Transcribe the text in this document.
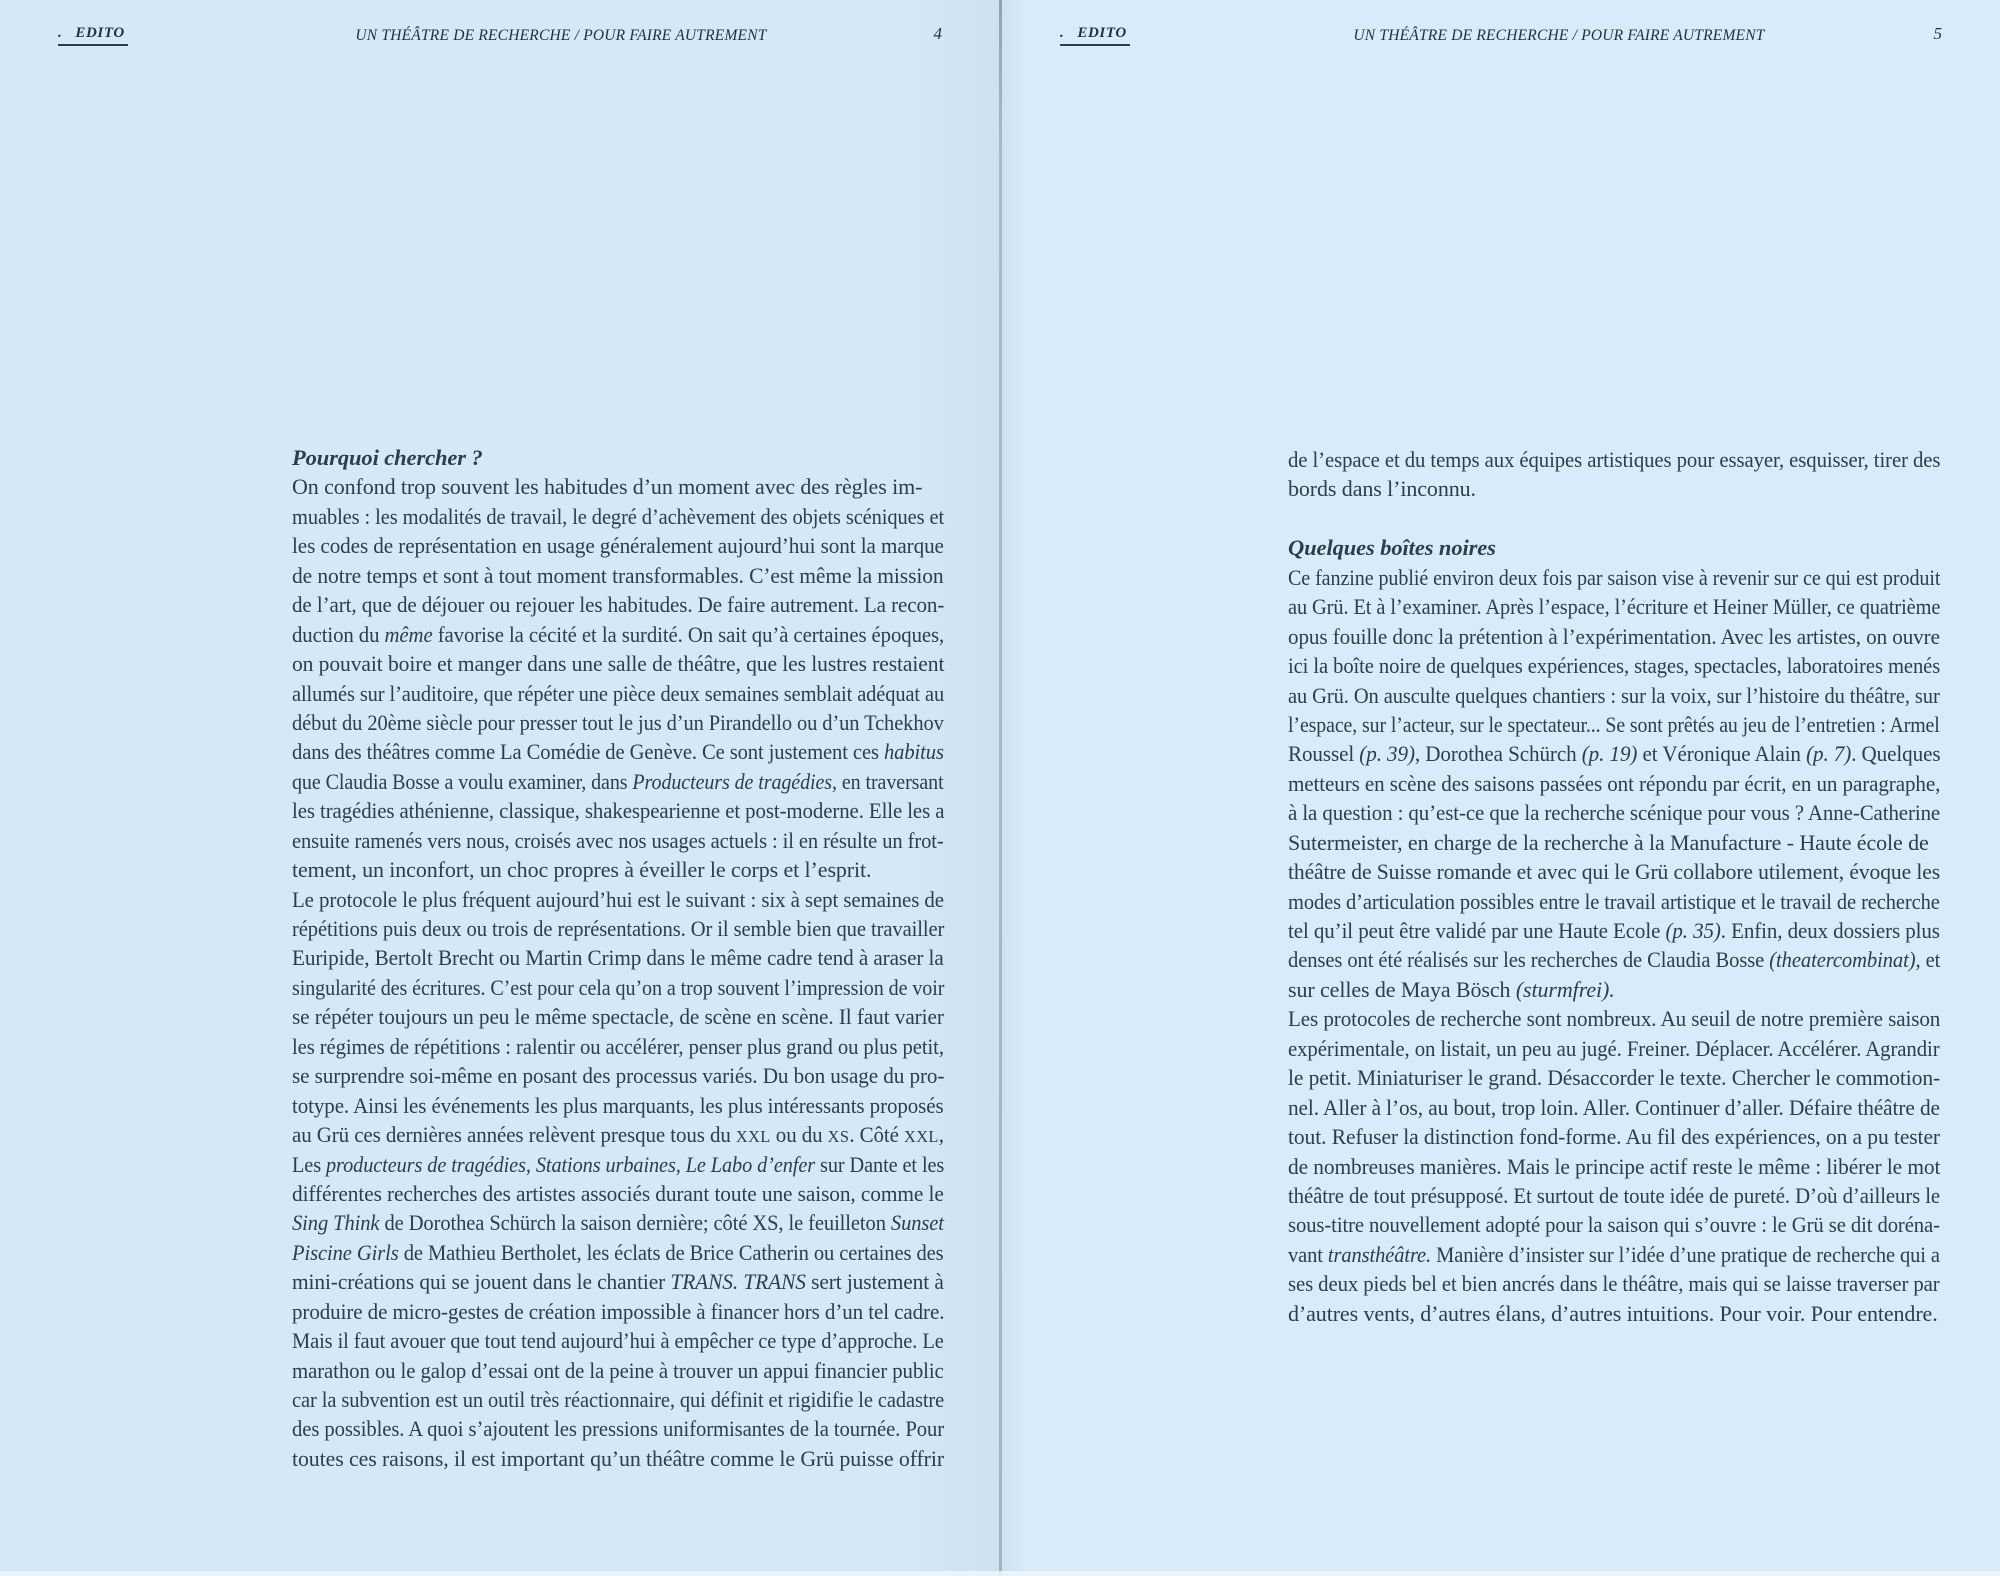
.   EDITO	UN THÉÂTRE DE RECHERCHE / POUR FAIRE AUTREMENT	4
Pourquoi chercher ?
On confond trop souvent les habitudes d’un moment avec des règles im-
muables : les modalités de travail, le degré d’achèvement des objets scéniques et
les codes de représentation en usage généralement aujourd’hui sont la marque
de notre temps et sont à tout moment transformables. C’est même la mission
de l’art, que de déjouer ou rejouer les habitudes. De faire autrement. La recon-
duction du même favorise la cécité et la surdité. On sait qu’à certaines époques,
on pouvait boire et manger dans une salle de théâtre, que les lustres restaient
allumés sur l’auditoire, que répéter une pièce deux semaines semblait adéquat au
début du 20ème siècle pour presser tout le jus d’un Pirandello ou d’un Tchekhov
dans des théâtres comme La Comédie de Genève. Ce sont justement ces habitus
que Claudia Bosse a voulu examiner, dans Producteurs de tragédies, en traversant
les tragédies athénienne, classique, shakespearienne et post-moderne. Elle les a
ensuite ramenés vers nous, croisés avec nos usages actuels : il en résulte un frot-
tement, un inconfort, un choc propres à éveiller le corps et l’esprit.
Le protocole le plus fréquent aujourd’hui est le suivant : six à sept semaines de
répétitions puis deux ou trois de représentations. Or il semble bien que travailler
Euripide, Bertolt Brecht ou Martin Crimp dans le même cadre tend à araser la
singularité des écritures. C’est pour cela qu’on a trop souvent l’impression de voir
se répéter toujours un peu le même spectacle, de scène en scène. Il faut varier
les régimes de répétitions : ralentir ou accélérer, penser plus grand ou plus petit,
se surprendre soi-même en posant des processus variés. Du bon usage du pro-
totype. Ainsi les événements les plus marquants, les plus intéressants proposés
au Grü ces dernières années relèvent presque tous du XXL ou du XS. Côté XXL,
Les producteurs de tragédies, Stations urbaines, Le Labo d’enfer sur Dante et les
différentes recherches des artistes associés durant toute une saison, comme le
Sing Think de Dorothea Schürch la saison dernière; côté XS, le feuilleton Sunset
Piscine Girls de Mathieu Bertholet, les éclats de Brice Catherin ou certaines des
mini-créations qui se jouent dans le chantier TRANS. TRANS sert justement à
produire de micro-gestes de création impossible à financer hors d’un tel cadre.
Mais il faut avouer que tout tend aujourd’hui à empêcher ce type d’approche. Le
marathon ou le galop d’essai ont de la peine à trouver un appui financier public
car la subvention est un outil très réactionnaire, qui définit et rigidifie le cadastre
des possibles. A quoi s’ajoutent les pressions uniformisantes de la tournée. Pour
toutes ces raisons, il est important qu’un théâtre comme le Grü puisse offrir
.   EDITO	UN THÉÂTRE DE RECHERCHE / POUR FAIRE AUTREMENT	5
de l’espace et du temps aux équipes artistiques pour essayer, esquisser, tirer des
bords dans l’inconnu.
Quelques boîtes noires
Ce fanzine publié environ deux fois par saison vise à revenir sur ce qui est produit
au Grü. Et à l’examiner. Après l’espace, l’écriture et Heiner Müller, ce quatrième
opus fouille donc la prétention à l’expérimentation. Avec les artistes, on ouvre
ici la boîte noire de quelques expériences, stages, spectacles, laboratoires menés
au Grü. On ausculte quelques chantiers : sur la voix, sur l’histoire du théâtre, sur
l’espace, sur l’acteur, sur le spectateur... Se sont prêtés au jeu de l’entretien : Armel
Roussel (p. 39), Dorothea Schürch (p. 19) et Véronique Alain (p. 7). Quelques
metteurs en scène des saisons passées ont répondu par écrit, en un paragraphe,
à la question : qu’est-ce que la recherche scénique pour vous ? Anne-Catherine
Sutermeister, en charge de la recherche à la Manufacture - Haute école de
théâtre de Suisse romande et avec qui le Grü collabore utilement, évoque les
modes d’articulation possibles entre le travail artistique et le travail de recherche
tel qu’il peut être validé par une Haute Ecole (p. 35). Enfin, deux dossiers plus
denses ont été réalisés sur les recherches de Claudia Bosse (theatercombinat), et
sur celles de Maya Bösch (sturmfrei).
Les protocoles de recherche sont nombreux. Au seuil de notre première saison
expérimentale, on listait, un peu au jugé. Freiner. Déplacer. Accélérer. Agrandir
le petit. Miniaturiser le grand. Désaccorder le texte. Chercher le commotion-
nel. Aller à l’os, au bout, trop loin. Aller. Continuer d’aller. Défaire théâtre de
tout. Refuser la distinction fond-forme. Au fil des expériences, on a pu tester
de nombreuses manières. Mais le principe actif reste le même : libérer le mot
théâtre de tout présupposé. Et surtout de toute idée de pureté. D’où d’ailleurs le
sous-titre nouvellement adopté pour la saison qui s’ouvre : le Grü se dit doréna-
vant transthéâtre. Manière d’insister sur l’idée d’une pratique de recherche qui a
ses deux pieds bel et bien ancrés dans le théâtre, mais qui se laisse traverser par
d’autres vents, d’autres élans, d’autres intuitions. Pour voir. Pour entendre.
